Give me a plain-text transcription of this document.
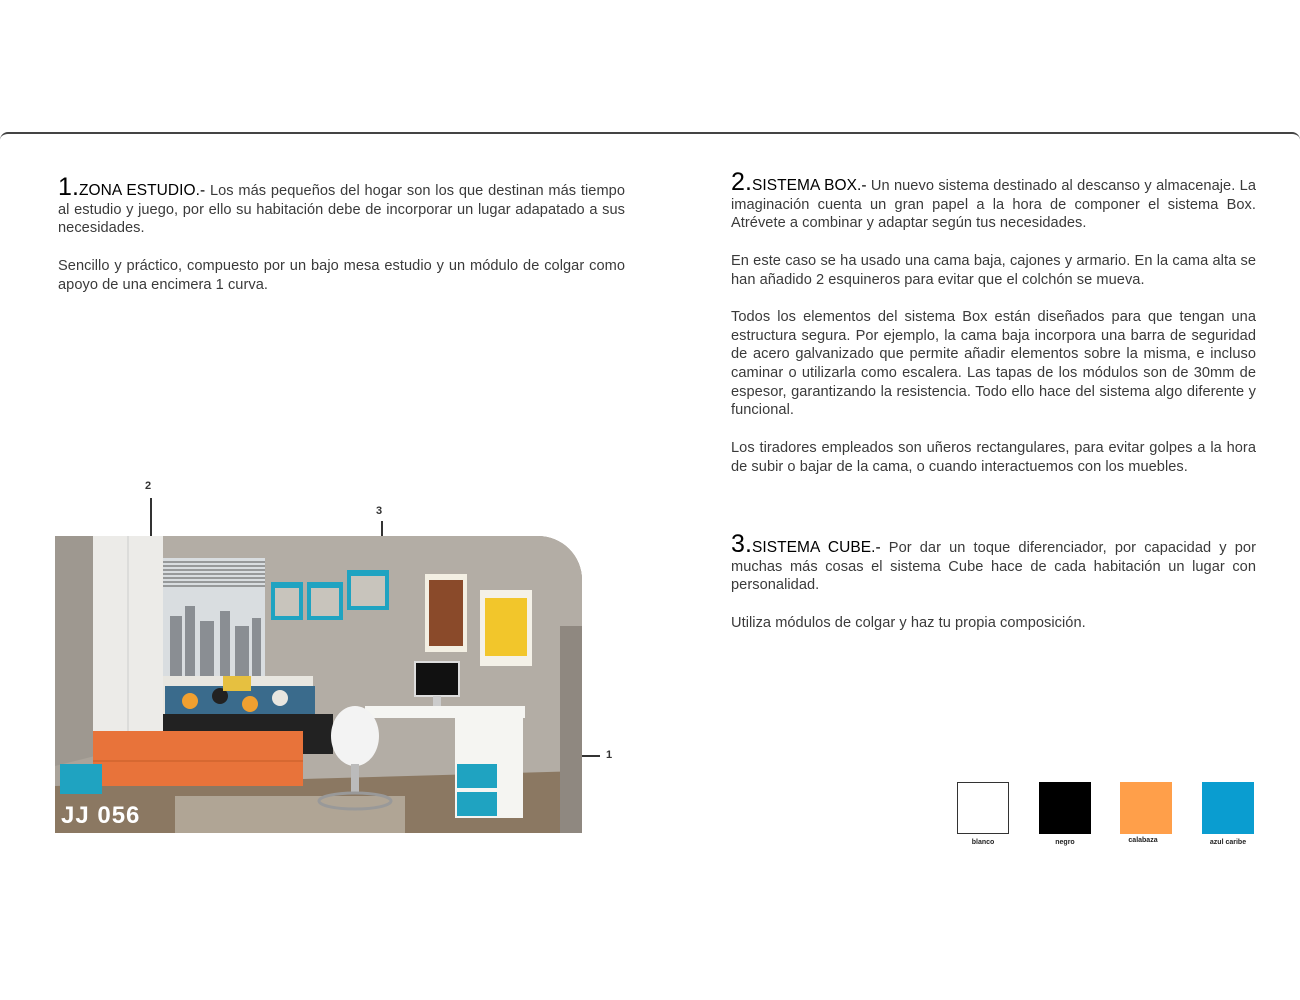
1.ZONA ESTUDIO.- Los más pequeños del hogar son los que destinan más tiempo al estudio y juego, por ello su habitación debe de incorporar un lugar adapatado a sus necesidades.

Sencillo y práctico, compuesto por un bajo mesa estudio y un módulo de colgar como apoyo de una encimera 1 curva.

2.SISTEMA BOX.- Un nuevo sistema destinado al descanso y almacenaje. La imaginación cuenta un gran papel a la hora de componer el sistema Box. Atrévete a combinar y adaptar según tus necesidades.

En este caso se ha usado una cama baja, cajones y armario. En la cama alta se han añadido 2 esquineros para evitar que el colchón se mueva.

Todos los elementos del sistema Box están diseñados para que tengan una estructura segura. Por ejemplo, la cama baja incorpora una barra de seguridad de acero galvanizado que permite añadir elementos sobre la misma, e incluso caminar o utilizarla como escalera. Las tapas de los módulos son de 30mm de espesor, garantizando la resistencia. Todo ello hace del sistema algo diferente y funcional.

Los tiradores empleados son uñeros rectangulares, para evitar golpes a la hora de subir o bajar de la cama, o cuando interactuemos con los muebles.

3.SISTEMA CUBE.- Por dar un toque diferenciador, por capacidad y por muchas más cosas el sistema Cube hace de cada habitación un lugar con personalidad.

Utiliza módulos de colgar y haz tu propia composición.

2
3
1
JJ 056
blanco	negro	calabaza	azul caribe
